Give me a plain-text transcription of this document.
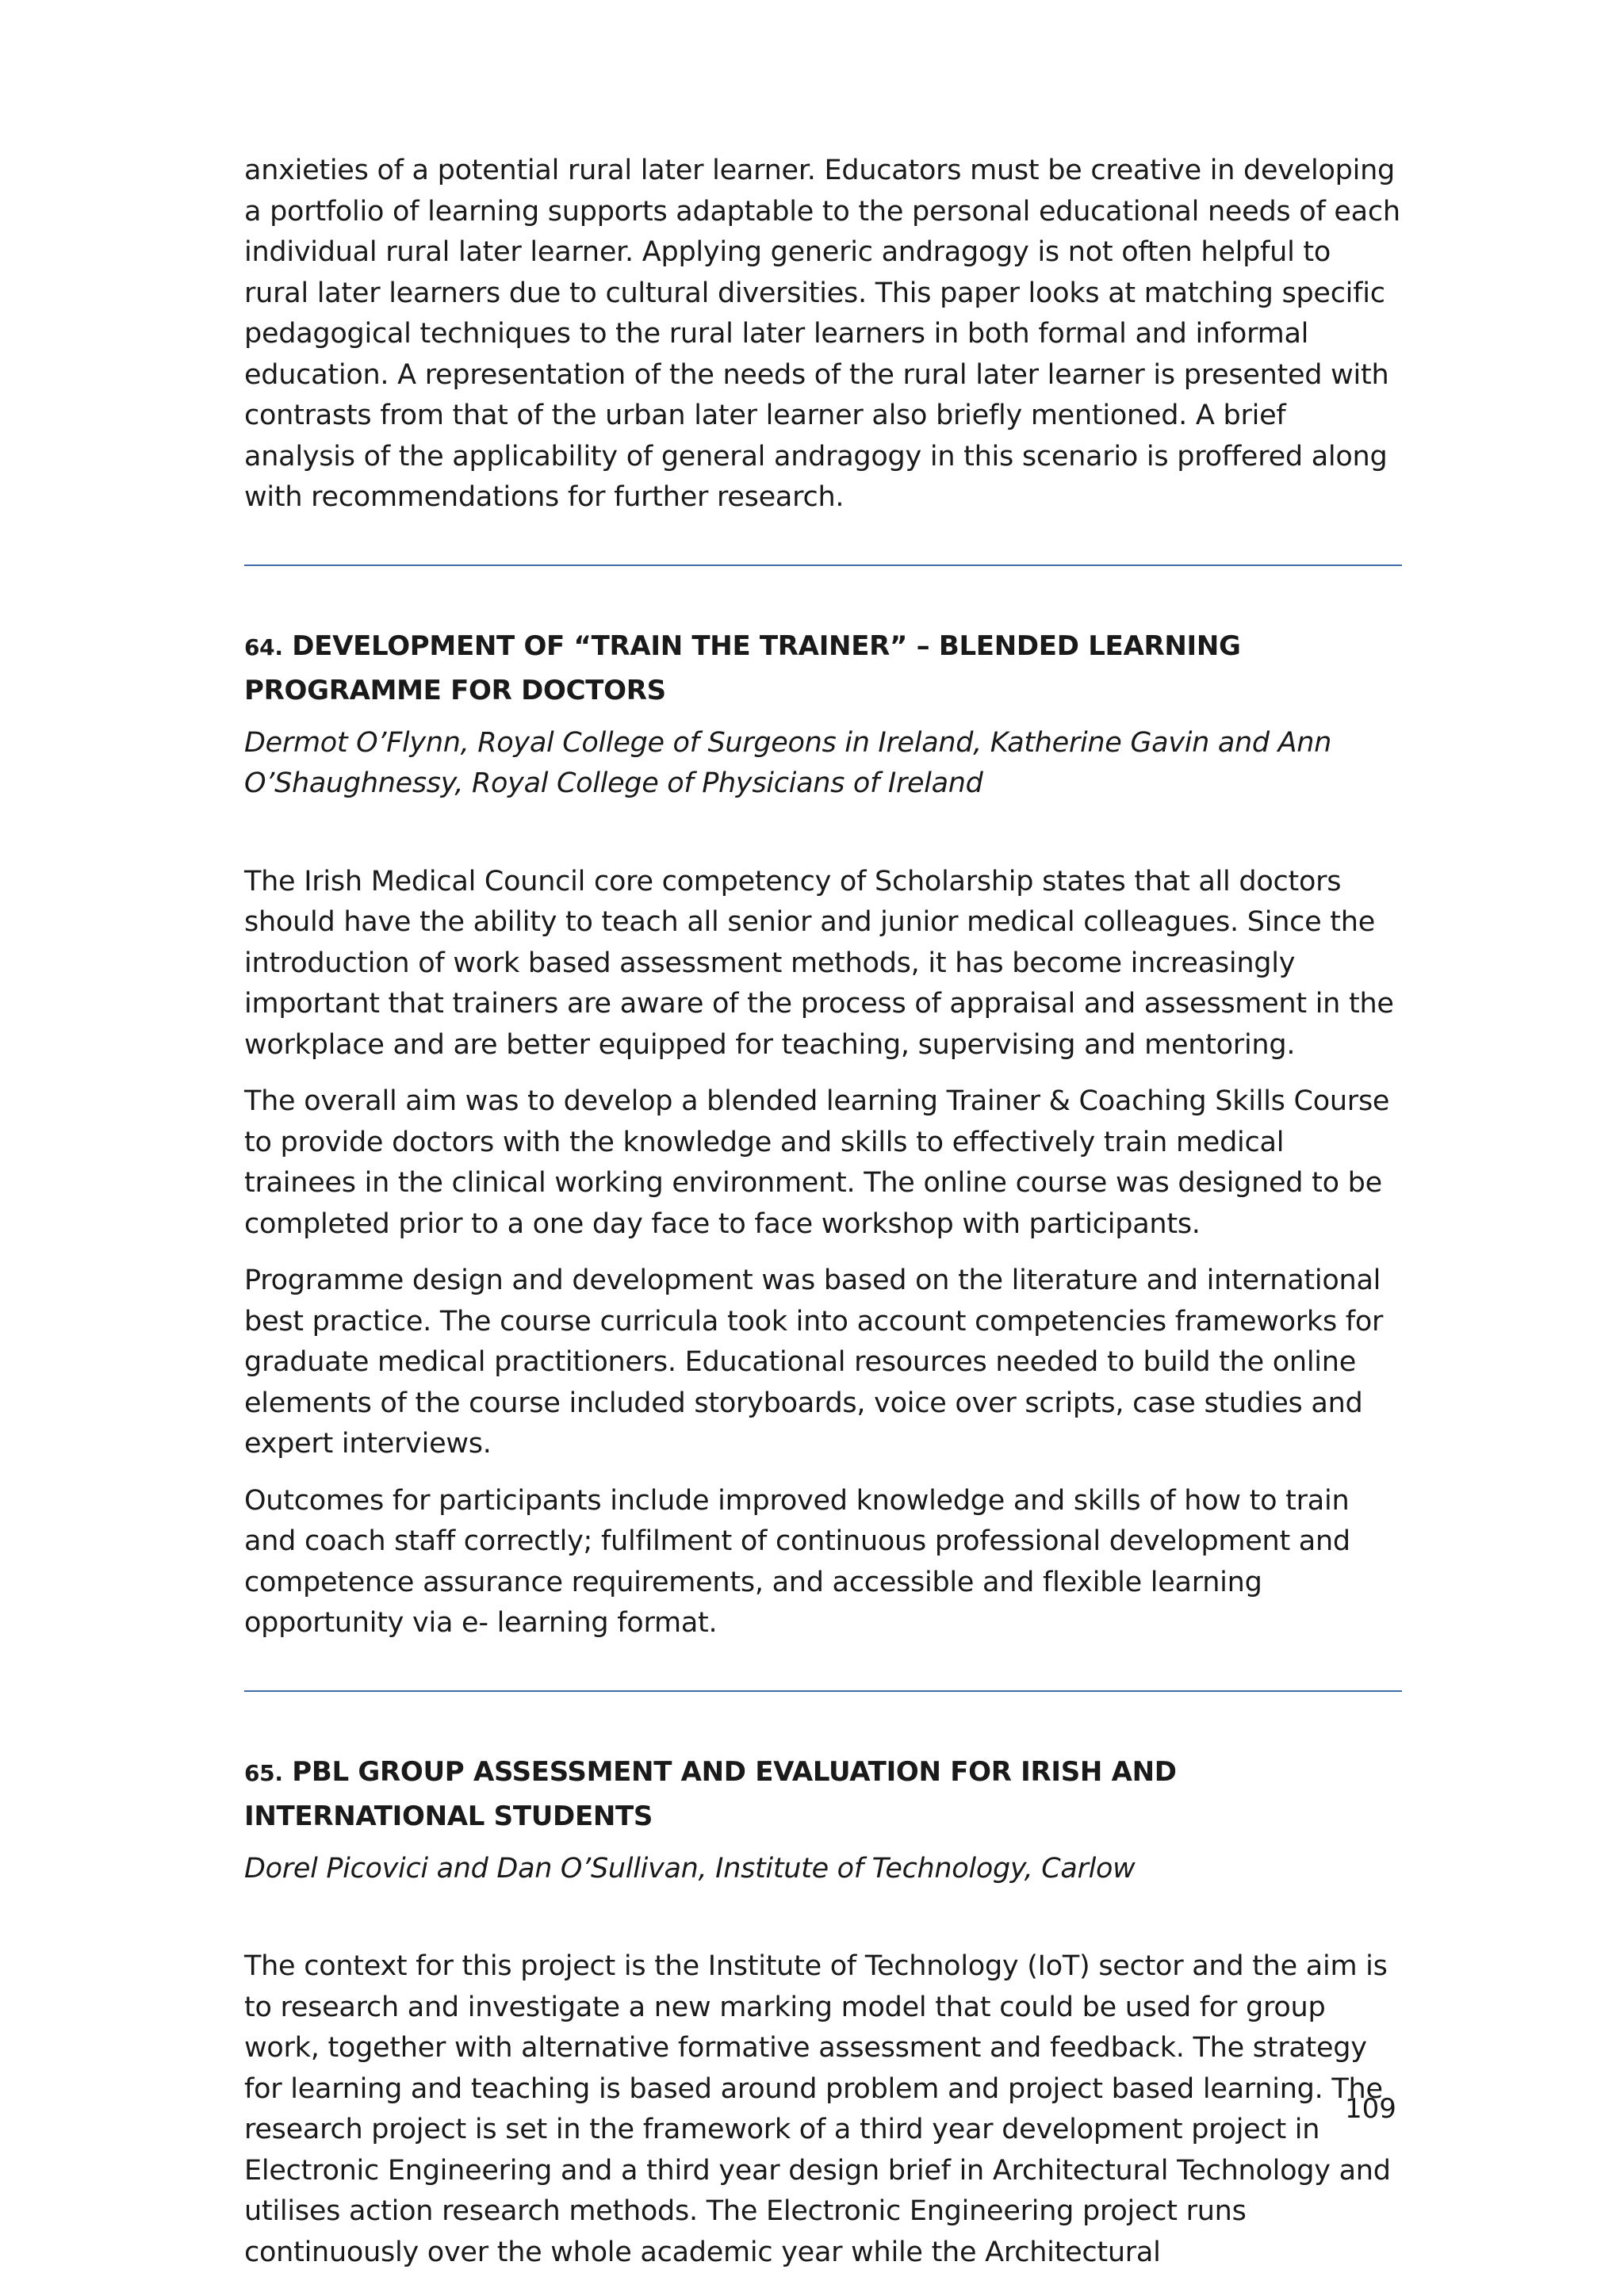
anxieties of a potential rural later learner. Educators must be creative in developing a portfolio of learning supports adaptable to the personal educational needs of each individual rural later learner. Applying generic andragogy is not often helpful to rural later learners due to cultural diversities. This paper looks at matching specific pedagogical techniques to the rural later learners in both formal and informal education. A representation of the needs of the rural later learner is presented with contrasts from that of the urban later learner also briefly mentioned. A brief analysis of the applicability of general andragogy in this scenario is proffered along with recommendations for further research.

64. DEVELOPMENT OF “TRAIN THE TRAINER” – BLENDED LEARNING PROGRAMME FOR DOCTORS

Dermot O’Flynn, Royal College of Surgeons in Ireland, Katherine Gavin and Ann O’Shaughnessy, Royal College of Physicians of Ireland

The Irish Medical Council core competency of Scholarship states that all doctors should have the ability to teach all senior and junior medical colleagues. Since the introduction of work based assessment methods, it has become increasingly important that trainers are aware of the process of appraisal and assessment in the workplace and are better equipped for teaching, supervising and mentoring.

The overall aim was to develop a blended learning Trainer & Coaching Skills Course to provide doctors with the knowledge and skills to effectively train medical trainees in the clinical working environment. The online course was designed to be completed prior to a one day face to face workshop with participants.

Programme design and development was based on the literature and international best practice. The course curricula took into account competencies frameworks for graduate medical practitioners. Educational resources needed to build the online elements of the course included storyboards, voice over scripts, case studies and expert interviews.

Outcomes for participants include improved knowledge and skills of how to train and coach staff correctly; fulfilment of continuous professional development and competence assurance requirements, and accessible and flexible learning opportunity via e- learning format.

65. PBL GROUP ASSESSMENT AND EVALUATION FOR IRISH AND INTERNATIONAL STUDENTS

Dorel Picovici and Dan O’Sullivan, Institute of Technology, Carlow

The context for this project is the Institute of Technology (IoT) sector and the aim is to research and investigate a new marking model that could be used for group work, together with alternative formative assessment and feedback. The strategy for learning and teaching is based around problem and project based learning. The research project is set in the framework of a third year development project in Electronic Engineering and a third year design brief in Architectural Technology and utilises action research methods. The Electronic Engineering project runs continuously over the whole academic year while the Architectural

109
